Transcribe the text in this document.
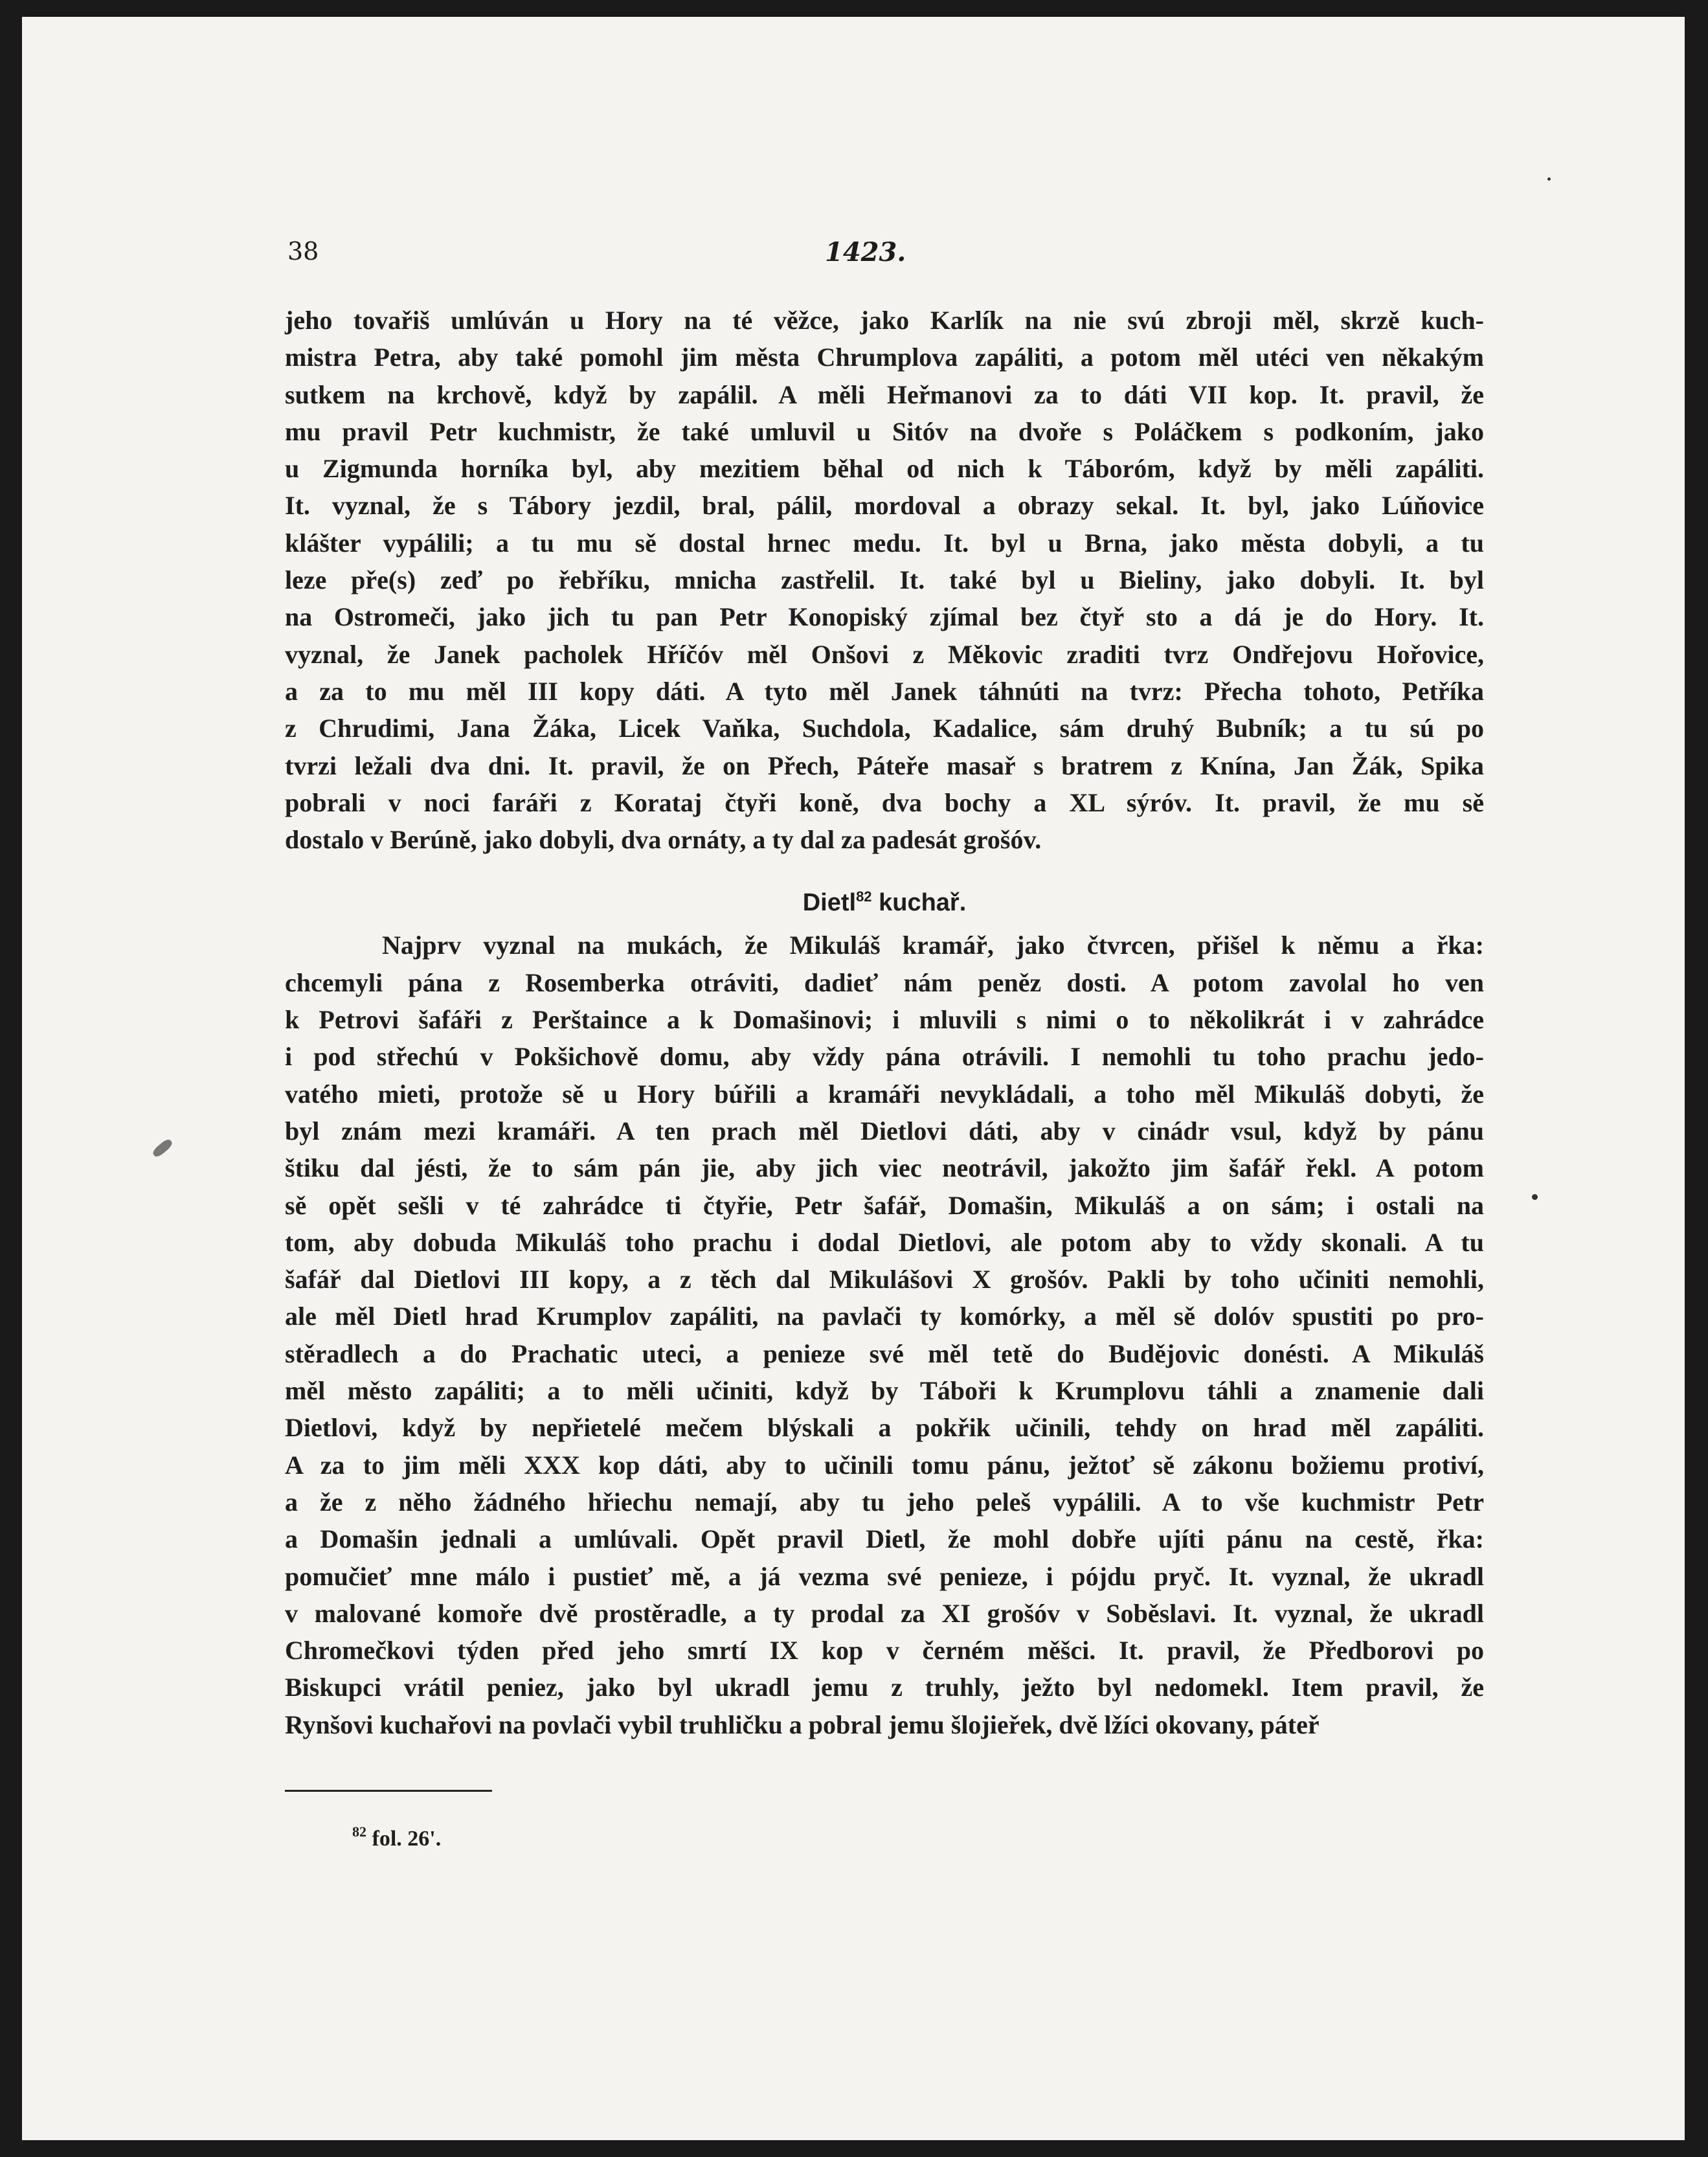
38	1423.
jeho tovařiš umlúván u Hory na té věžce, jako Karlík na nie svú zbroji měl, skrzě kuch-
mistra Petra, aby také pomohl jim města Chrumplova zapáliti, a potom měl utéci ven někakým
sutkem na krchově, když by zapálil. A měli Heřmanovi za to dáti VII kop. It. pravil, že
mu pravil Petr kuchmistr, že také umluvil u Sitóv na dvoře s Poláčkem s podkoním, jako
u Zigmunda horníka byl, aby mezitiem běhal od nich k Táboróm, když by měli zapáliti.
It. vyznal, že s Tábory jezdil, bral, pálil, mordoval a obrazy sekal. It. byl, jako Lúňovice
klášter vypálili; a tu mu sě dostal hrnec medu. It. byl u Brna, jako města dobyli, a tu
leze pře(s) zeď po řebříku, mnicha zastřelil. It. také byl u Bieliny, jako dobyli. It. byl
na Ostromeči, jako jich tu pan Petr Konopiský zjímal bez čtyř sto a dá je do Hory. It.
vyznal, že Janek pacholek Hříčóv měl Onšovi z Měkovic zraditi tvrz Ondřejovu Hořovice,
a za to mu měl III kopy dáti. A tyto měl Janek táhnúti na tvrz: Přecha tohoto, Petříka
z Chrudimi, Jana Žáka, Licek Vaňka, Suchdola, Kadalice, sám druhý Bubník; a tu sú po
tvrzi ležali dva dni. It. pravil, že on Přech, Páteře masař s bratrem z Knína, Jan Žák, Spika
pobrali v noci faráři z Korataj čtyři koně, dva bochy a XL sýróv. It. pravil, že mu sě
dostalo v Berúně, jako dobyli, dva ornáty, a ty dal za padesát grošóv.
Dietl$^{82}$ kuchař.
Najprv vyznal na mukách, že Mikuláš kramář, jako čtvrcen, přišel k němu a řka:
chcemyli pána z Rosemberka otráviti, dadieť nám peněz dosti. A potom zavolal ho ven
k Petrovi šafáři z Perštaince a k Domašinovi; i mluvili s nimi o to několikrát i v zahrádce
i pod střechú v Pokšichově domu, aby vždy pána otrávili. I nemohli tu toho prachu jedo-
vatého mieti, protože sě u Hory búřili a kramáři nevykládali, a toho měl Mikuláš dobyti, že
byl znám mezi kramáři. A ten prach měl Dietlovi dáti, aby v cinádr vsul, když by pánu
štiku dal jésti, že to sám pán jie, aby jich viec neotrávil, jakožto jim šafář řekl. A potom
sě opět sešli v té zahrádce ti čtyřie, Petr šafář, Domašin, Mikuláš a on sám; i ostali na
tom, aby dobuda Mikuláš toho prachu i dodal Dietlovi, ale potom aby to vždy skonali. A tu
šafář dal Dietlovi III kopy, a z těch dal Mikulášovi X grošóv. Pakli by toho učiniti nemohli,
ale měl Dietl hrad Krumplov zapáliti, na pavlači ty komórky, a měl sě dolóv spustiti po pro-
stěradlech a do Prachatic uteci, a penieze své měl tetě do Budějovic donésti. A Mikuláš
měl město zapáliti; a to měli učiniti, když by Táboři k Krumplovu táhli a znamenie dali
Dietlovi, když by nepřietelé mečem blýskali a pokřik učinili, tehdy on hrad měl zapáliti.
A za to jim měli XXX kop dáti, aby to učinili tomu pánu, ježtoť sě zákonu božiemu protiví,
a že z něho žádného hřiechu nemají, aby tu jeho peleš vypálili. A to vše kuchmistr Petr
a Domašin jednali a umlúvali. Opět pravil Dietl, že mohl dobře ujíti pánu na cestě, řka:
pomučieť mne málo i pustieť mě, a já vezma své penieze, i pójdu pryč. It. vyznal, že ukradl
v malované komoře dvě prostěradle, a ty prodal za XI grošóv v Soběslavi. It. vyznal, že ukradl
Chromečkovi týden před jeho smrtí IX kop v černém měšci. It. pravil, že Předborovi po
Biskupci vrátil peniez, jako byl ukradl jemu z truhly, ježto byl nedomekl. Item pravil, že
Rynšovi kuchařovi na povlači vybil truhličku a pobral jemu šlojieřek, dvě lžíci okovany, páteř
$^{82}$ fol. 26'.
